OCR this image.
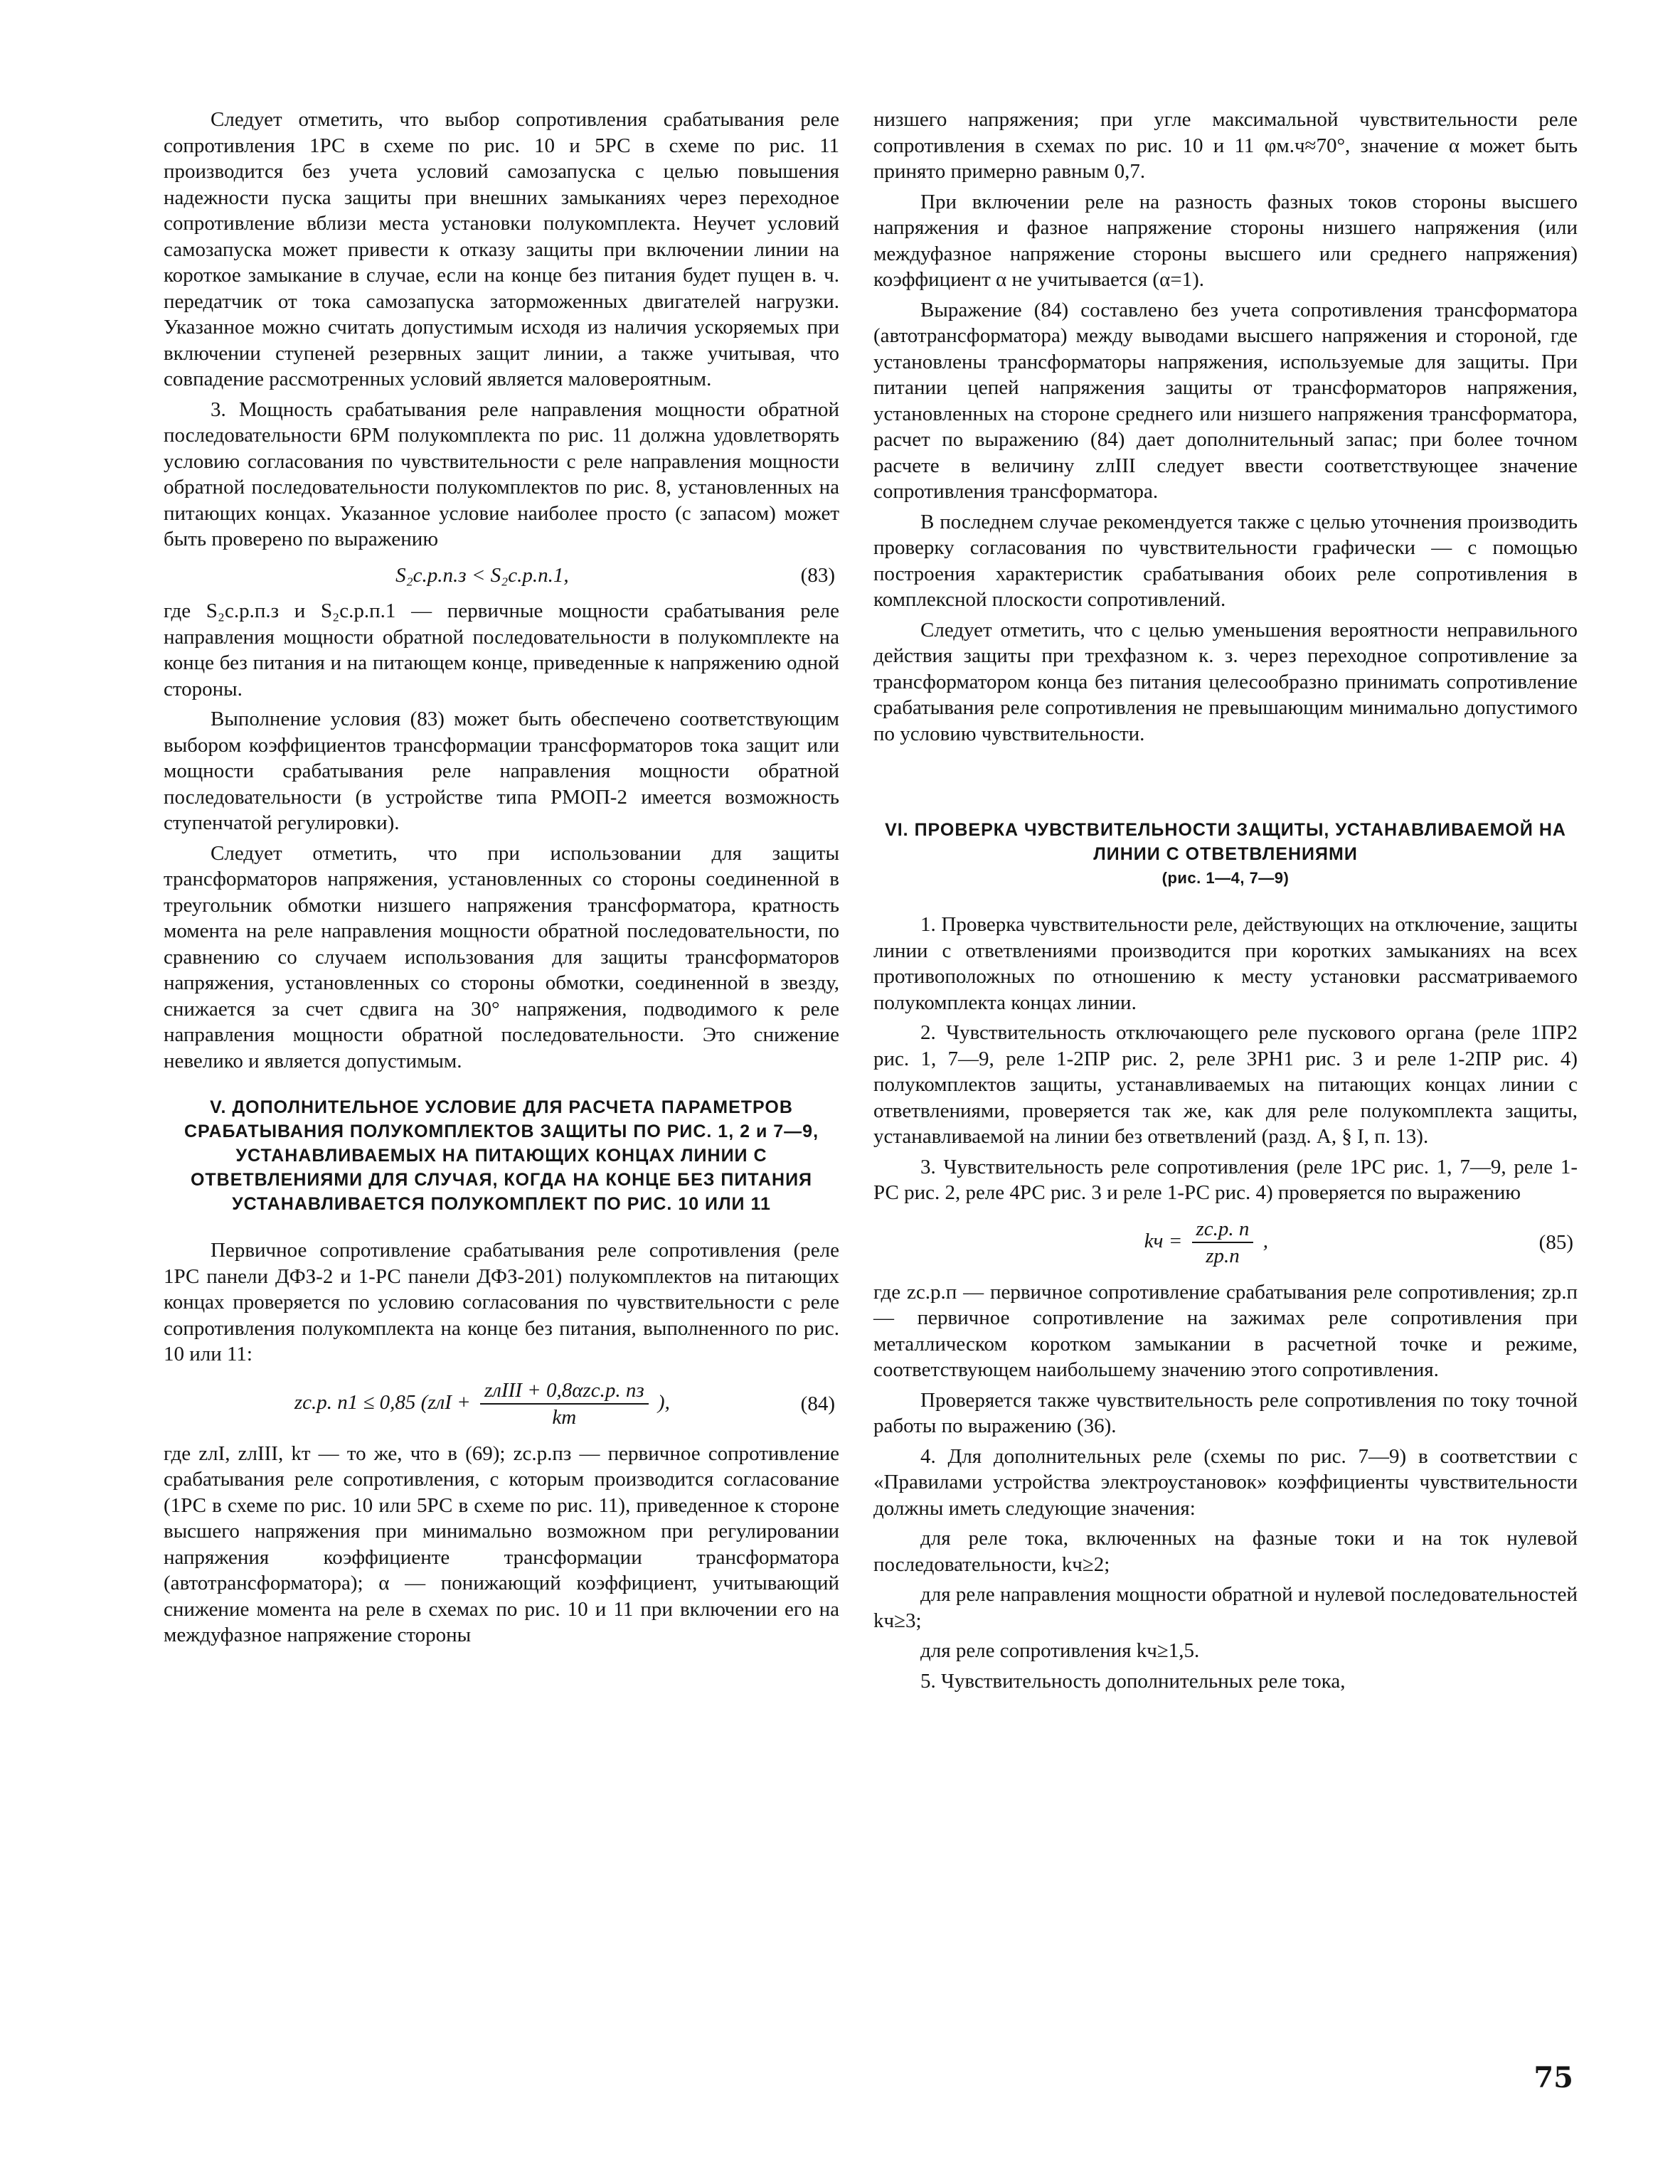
Следует отметить, что выбор сопротивления срабатывания реле сопротивления 1РС в схеме по рис. 10 и 5РС в схеме по рис. 11 производится без учета условий самозапуска с целью повышения надежности пуска защиты при внешних замыканиях через переходное сопротивление вблизи места установки полукомплекта. Неучет условий самозапуска может привести к отказу защиты при включении линии на короткое замыкание в случае, если на конце без питания будет пущен в. ч. передатчик от тока самозапуска заторможенных двигателей нагрузки. Указанное можно считать допустимым исходя из наличия ускоряемых при включении ступеней резервных защит линии, а также учитывая, что совпадение рассмотренных условий является маловероятным.

3. Мощность срабатывания реле направления мощности обратной последовательности 6РМ полукомплекта по рис. 11 должна удовлетворять условию согласования по чувствительности с реле направления мощности обратной последовательности полукомплектов по рис. 8, установленных на питающих концах. Указанное условие наиболее просто (с запасом) может быть проверено по выражению

S₂с.р.п.з < S₂с.р.п.1,	(83)

где S₂с.р.п.з и S₂с.р.п.1 — первичные мощности срабатывания реле направления мощности обратной последовательности в полукомплекте на конце без питания и на питающем конце, приведенные к напряжению одной стороны.

Выполнение условия (83) может быть обеспечено соответствующим выбором коэффициентов трансформации трансформаторов тока защит или мощности срабатывания реле направления мощности обратной последовательности (в устройстве типа РМОП-2 имеется возможность ступенчатой регулировки).

Следует отметить, что при использовании для защиты трансформаторов напряжения, установленных со стороны соединенной в треугольник обмотки низшего напряжения трансформатора, кратность момента на реле направления мощности обратной последовательности, по сравнению со случаем использования для защиты трансформаторов напряжения, установленных со стороны обмотки, соединенной в звезду, снижается за счет сдвига на 30° напряжения, подводимого к реле направления мощности обратной последовательности. Это снижение невелико и является допустимым.

V. ДОПОЛНИТЕЛЬНОЕ УСЛОВИЕ ДЛЯ РАСЧЕТА ПАРАМЕТРОВ СРАБАТЫВАНИЯ ПОЛУКОМПЛЕКТОВ ЗАЩИТЫ ПО РИС. 1, 2 и 7—9, УСТАНАВЛИВАЕМЫХ НА ПИТАЮЩИХ КОНЦАХ ЛИНИИ С ОТВЕТВЛЕНИЯМИ ДЛЯ СЛУЧАЯ, КОГДА НА КОНЦЕ БЕЗ ПИТАНИЯ УСТАНАВЛИВАЕТСЯ ПОЛУКОМПЛЕКТ ПО РИС. 10 ИЛИ 11

Первичное сопротивление срабатывания реле сопротивления (реле 1РС панели ДФЗ-2 и 1-РС панели ДФЗ-201) полукомплектов на питающих концах проверяется по условию согласования по чувствительности с реле сопротивления полукомплекта на конце без питания, выполненного по рис. 10 или 11:

zс.р. п1 ≤ 0,85 ($zлI + \frac{\text{zлIII + 0,8αzс.р. пз}}{kт}$ ),	(84)

где zлI, zлIII, kт — то же, что в (69); zс.р.пз — первичное сопротивление срабатывания реле сопротивления, с которым производится согласование (1РС в схеме по рис. 10 или 5РС в схеме по рис. 11), приведенное к стороне высшего напряжения при минимально возможном при регулировании напряжения коэффициенте трансформации трансформатора (автотрансформатора); α — понижающий коэффициент, учитывающий снижение момента на реле в схемах по рис. 10 и 11 при включении его на междуфазное напряжение стороны

низшего напряжения; при угле максимальной чувствительности реле сопротивления в схемах по рис. 10 и 11 φм.ч≈70°, значение α может быть принято примерно равным 0,7.

При включении реле на разность фазных токов стороны высшего напряжения и фазное напряжение стороны низшего напряжения (или междуфазное напряжение стороны высшего или среднего напряжения) коэффициент α не учитывается (α=1).

Выражение (84) составлено без учета сопротивления трансформатора (автотрансформатора) между выводами высшего напряжения и стороной, где установлены трансформаторы напряжения, используемые для защиты. При питании цепей напряжения защиты от трансформаторов напряжения, установленных на стороне среднего или низшего напряжения трансформатора, расчет по выражению (84) дает дополнительный запас; при более точном расчете в величину zлIII следует ввести соответствующее значение сопротивления трансформатора.

В последнем случае рекомендуется также с целью уточнения производить проверку согласования по чувствительности графически — с помощью построения характеристик срабатывания обоих реле сопротивления в комплексной плоскости сопротивлений.

Следует отметить, что с целью уменьшения вероятности неправильного действия защиты при трехфазном к. з. через переходное сопротивление за трансформатором конца без питания целесообразно принимать сопротивление срабатывания реле сопротивления не превышающим минимально допустимого по условию чувствительности.

VI. ПРОВЕРКА ЧУВСТВИТЕЛЬНОСТИ ЗАЩИТЫ, УСТАНАВЛИВАЕМОЙ НА ЛИНИИ С ОТВЕТВЛЕНИЯМИ
(рис. 1—4, 7—9)

1. Проверка чувствительности реле, действующих на отключение, защиты линии с ответвлениями производится при коротких замыканиях на всех противоположных по отношению к месту установки рассматриваемого полукомплекта концах линии.

2. Чувствительность отключающего реле пускового органа (реле 1ПР2 рис. 1, 7—9, реле 1-2ПР рис. 2, реле 3РН1 рис. 3 и реле 1-2ПР рис. 4) полукомплектов защиты, устанавливаемых на питающих концах линии с ответвлениями, проверяется так же, как для реле полукомплекта защиты, устанавливаемой на линии без ответвлений (разд. А, § I, п. 13).

3. Чувствительность реле сопротивления (реле 1РС рис. 1, 7—9, реле 1-РС рис. 2, реле 4РС рис. 3 и реле 1-РС рис. 4) проверяется по выражению

kч = $\frac{zс.р. п}{zр.п}$ ,	(85)

где zс.р.п — первичное сопротивление срабатывания реле сопротивления; zр.п — первичное сопротивление на зажимах реле сопротивления при металлическом коротком замыкании в расчетной точке и режиме, соответствующем наибольшему значению этого сопротивления.

Проверяется также чувствительность реле сопротивления по току точной работы по выражению (36).

4. Для дополнительных реле (схемы по рис. 7—9) в соответствии с «Правилами устройства электроустановок» коэффициенты чувствительности должны иметь следующие значения:

для реле тока, включенных на фазные токи и на ток нулевой последовательности, kч≥2;

для реле направления мощности обратной и нулевой последовательностей kч≥3;

для реле сопротивления kч≥1,5.

5. Чувствительность дополнительных реле тока,

75
